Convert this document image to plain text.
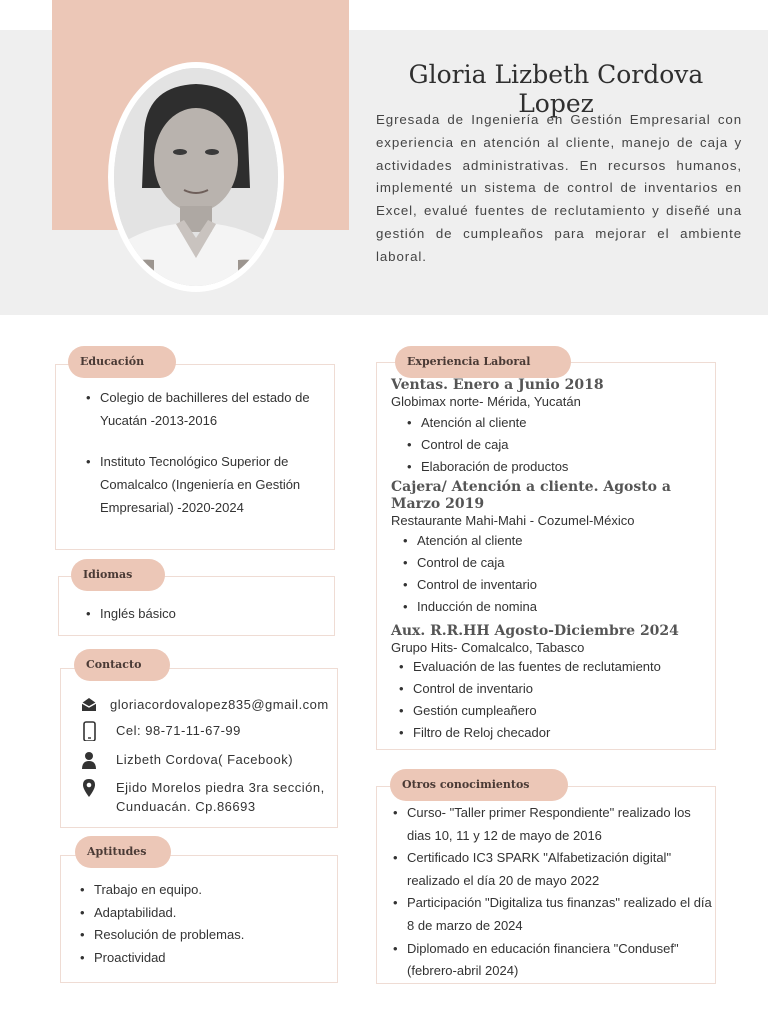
Gloria Lizbeth Cordova Lopez
Egresada de Ingeniería en Gestión Empresarial con experiencia en atención al cliente, manejo de caja y actividades administrativas. En recursos humanos, implementé un sistema de control de inventarios en Excel, evalué fuentes de reclutamiento y diseñé una gestión de cumpleaños para mejorar el ambiente laboral.
Educación
• Colegio de bachilleres del estado de Yucatán -2013-2016
• Instituto Tecnológico Superior de Comalcalco (Ingeniería en Gestión Empresarial) -2020-2024
Idiomas
• Inglés básico
Contacto
gloriacordovalopez835@gmail.com
Cel: 98-71-11-67-99
Lizbeth Cordova( Facebook)
Ejido Morelos piedra 3ra sección,
Cunduacán. Cp.86693
Aptitudes
• Trabajo en equipo.
• Adaptabilidad.
• Resolución de problemas.
• Proactividad
Experiencia Laboral
Ventas. Enero a Junio 2018
Globimax norte- Mérida, Yucatán
• Atención al cliente
• Control de caja
• Elaboración de productos
Cajera/ Atención a cliente. Agosto a Marzo 2019
Restaurante Mahi-Mahi - Cozumel-México
• Atención al cliente
• Control de caja
• Control de inventario
• Inducción de nomina
Aux. R.R.HH Agosto-Diciembre 2024
Grupo Hits- Comalcalco, Tabasco
• Evaluación de las fuentes de reclutamiento
• Control de inventario
• Gestión cumpleañero
• Filtro de Reloj checador
Otros conocimientos
• Curso- "Taller primer Respondiente" realizado los dias 10, 11 y 12 de mayo de 2016
• Certificado IC3 SPARK "Alfabetización digital" realizado el día 20 de mayo 2022
• Participación "Digitaliza tus finanzas" realizado el día 8 de marzo de 2024
• Diplomado en educación financiera "Condusef" (febrero-abril 2024)
